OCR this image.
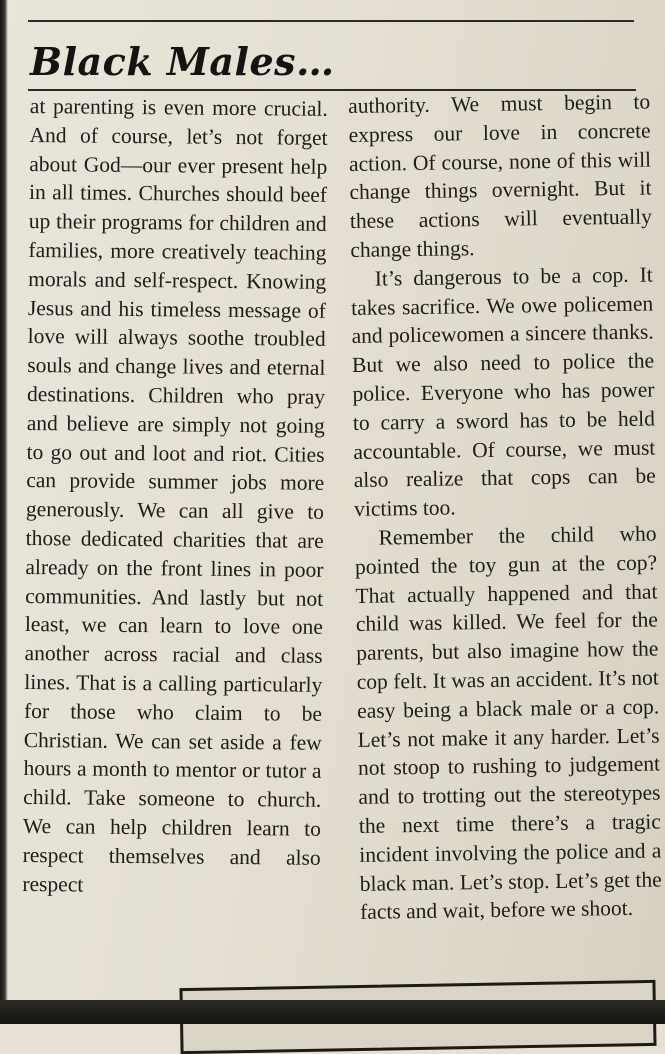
Black Males…

at parenting is even more crucial. And of course, let’s not forget about God—our ever present help in all times. Churches should beef up their programs for children and families, more creatively teaching morals and self-respect. Knowing Jesus and his timeless message of love will always soothe troubled souls and change lives and eternal destinations. Children who pray and believe are simply not going to go out and loot and riot. Cities can provide summer jobs more generously. We can all give to those dedicated charities that are already on the front lines in poor communities. And lastly but not least, we can learn to love one another across racial and class lines. That is a calling particularly for those who claim to be Christian. We can set aside a few hours a month to mentor or tutor a child. Take someone to church. We can help children learn to respect themselves and also respect

authority. We must begin to express our love in concrete action. Of course, none of this will change things overnight. But it these actions will eventually change things.

It’s dangerous to be a cop. It takes sacrifice. We owe policemen and policewomen a sincere thanks. But we also need to police the police. Everyone who has power to carry a sword has to be held accountable. Of course, we must also realize that cops can be victims too.

Remember the child who pointed the toy gun at the cop? That actually happened and that child was killed. We feel for the parents, but also imagine how the cop felt. It was an accident. It’s not easy being a black male or a cop. Let’s not make it any harder. Let’s not stoop to rushing to judgement and to trotting out the stereotypes the next time there’s a tragic incident involving the police and a black man. Let’s stop. Let’s get the facts and wait, before we shoot.
